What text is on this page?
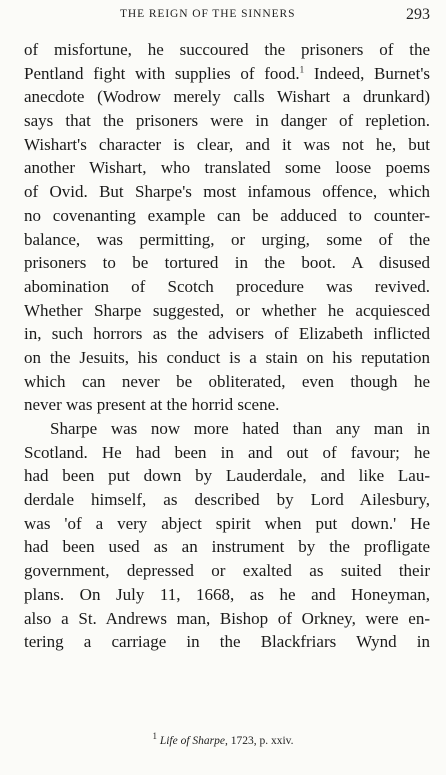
THE REIGN OF THE SINNERS	293
of misfortune, he succoured the prisoners of the
Pentland fight with supplies of food.$^1$ Indeed, Burnet's
anecdote (Wodrow merely calls Wishart a drunkard)
says that the prisoners were in danger of repletion.
Wishart's character is clear, and it was not he, but
another Wishart, who translated some loose poems
of Ovid. But Sharpe's most infamous offence, which
no covenanting example can be adduced to counter-
balance, was permitting, or urging, some of the
prisoners to be tortured in the boot. A disused
abomination of Scotch procedure was revived.
Whether Sharpe suggested, or whether he acquiesced
in, such horrors as the advisers of Elizabeth inflicted
on the Jesuits, his conduct is a stain on his reputation
which can never be obliterated, even though he
never was present at the horrid scene.
Sharpe was now more hated than any man in
Scotland. He had been in and out of favour; he
had been put down by Lauderdale, and like Lau-
derdale himself, as described by Lord Ailesbury,
was 'of a very abject spirit when put down.' He
had been used as an instrument by the profligate
government, depressed or exalted as suited their
plans. On July 11, 1668, as he and Honeyman,
also a St. Andrews man, Bishop of Orkney, were en-
tering a carriage in the Blackfriars Wynd in
$^1$ Life of Sharpe, 1723, p. xxiv.
